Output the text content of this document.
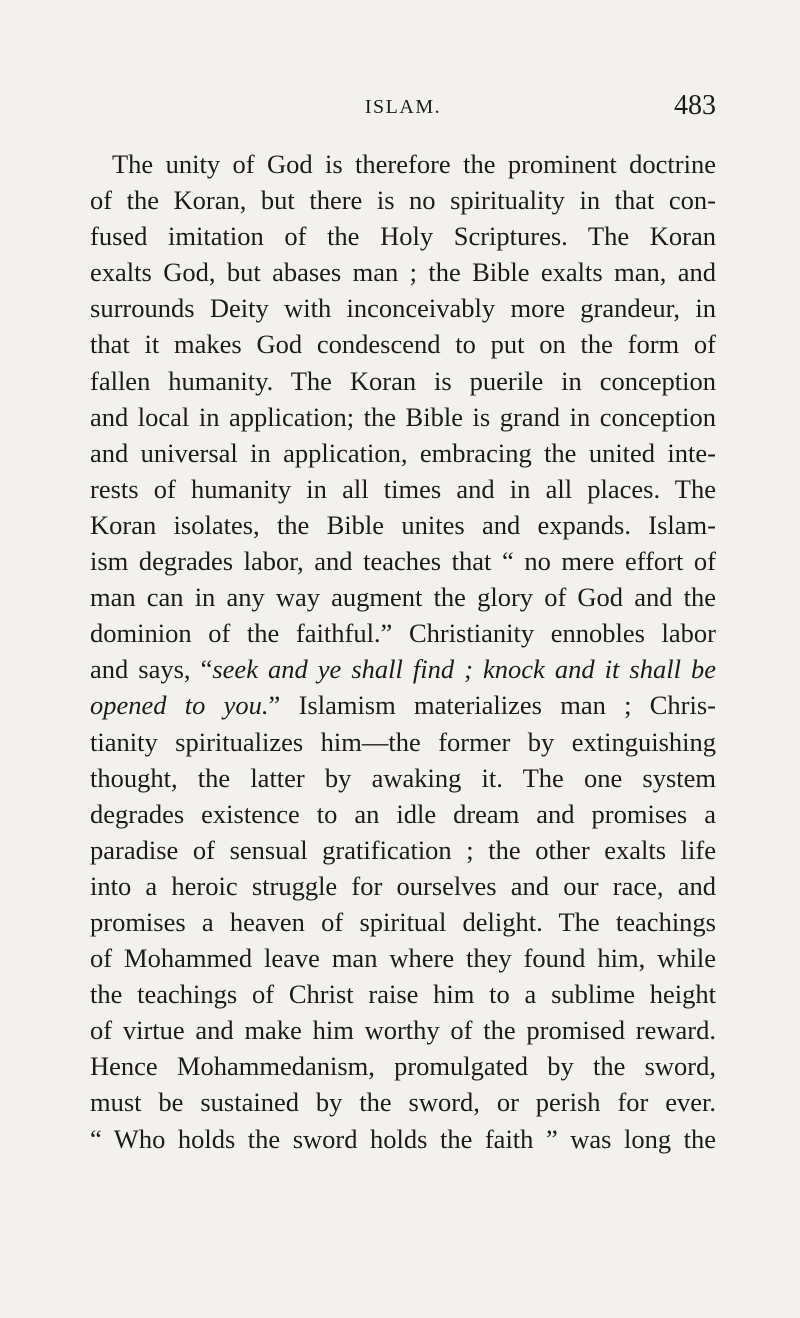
ISLAM.	483
The unity of God is therefore the prominent doctrine
of the Koran, but there is no spirituality in that con-
fused imitation of the Holy Scriptures. The Koran
exalts God, but abases man ; the Bible exalts man, and
surrounds Deity with inconceivably more grandeur, in
that it makes God condescend to put on the form of
fallen humanity. The Koran is puerile in conception
and local in application; the Bible is grand in conception
and universal in application, embracing the united inte-
rests of humanity in all times and in all places. The
Koran isolates, the Bible unites and expands. Islam-
ism degrades labor, and teaches that “ no mere effort of
man can in any way augment the glory of God and the
dominion of the faithful.” Christianity ennobles labor
and says, “seek and ye shall find ; knock and it shall be
opened to you.” Islamism materializes man ; Chris-
tianity spiritualizes him—the former by extinguishing
thought, the latter by awaking it. The one system
degrades existence to an idle dream and promises a
paradise of sensual gratification ; the other exalts life
into a heroic struggle for ourselves and our race, and
promises a heaven of spiritual delight. The teachings
of Mohammed leave man where they found him, while
the teachings of Christ raise him to a sublime height
of virtue and make him worthy of the promised reward.
Hence Mohammedanism, promulgated by the sword,
must be sustained by the sword, or perish for ever.
“ Who holds the sword holds the faith ” was long the
